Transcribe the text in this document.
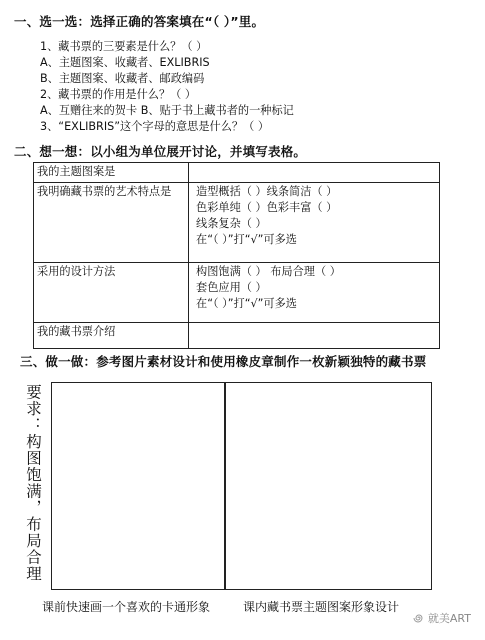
一、选一选：选择正确的答案填在“（ ）”里。
1、藏书票的三要素是什么？（ ）
A、主题图案、收藏者、EXLIBRIS
B、主题图案、收藏者、邮政编码
2、藏书票的作用是什么？（ ）
A、互赠往来的贺卡 B、贴于书上藏书者的一种标记
3、“EXLIBRIS”这个字母的意思是什么？（ ）
二、想一想：以小组为单位展开讨论，并填写表格。
我的主题图案是	

我明确藏书票的艺术特点是	造型概括（ ）线条简洁（ ）
色彩单纯（ ）色彩丰富（ ）
线条复杂（ ）
在“（ ）”打“√”可多选

采用的设计方法	构图饱满（ ） 布局合理（ ）
套色应用（ ）
在“（ ）”打“√”可多选

我的藏书票介绍	
三、做一做：参考图片素材设计和使用橡皮章制作一枚新颖独特的藏书票
要求：构图饱满，布局合理
课前快速画一个喜欢的卡通形象	课内藏书票主题图案形象设计
就美ART
